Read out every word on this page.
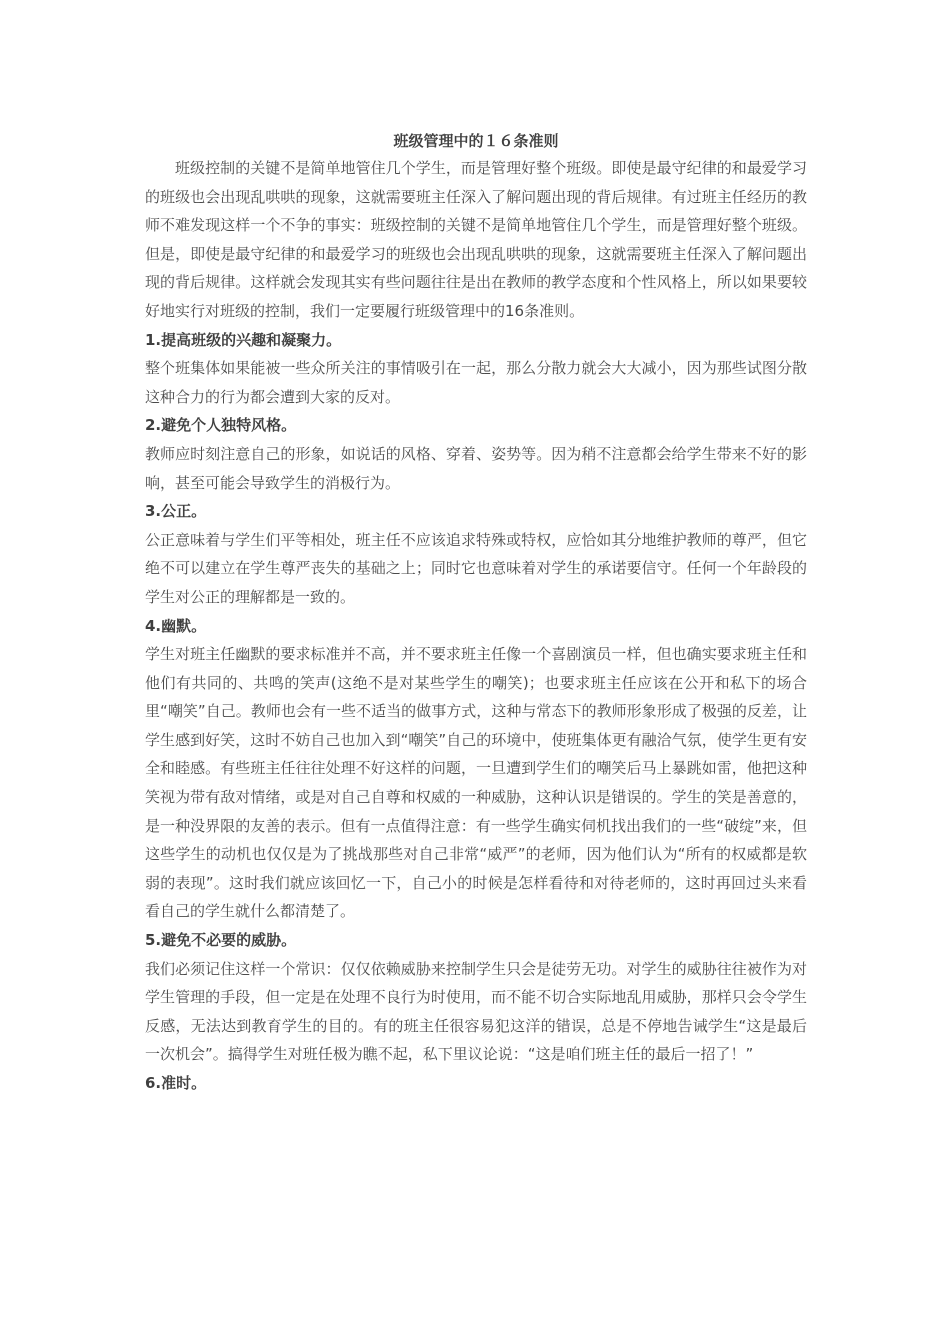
班级管理中的１６条准则

班级控制的关键不是简单地管住几个学生，而是管理好整个班级。即使是最守纪律的和最爱学习的班级也会出现乱哄哄的现象，这就需要班主任深入了解问题出现的背后规律。有过班主任经历的教师不难发现这样一个不争的事实：班级控制的关键不是简单地管住几个学生，而是管理好整个班级。但是，即使是最守纪律的和最爱学习的班级也会出现乱哄哄的现象，这就需要班主任深入了解问题出现的背后规律。这样就会发现其实有些问题往往是出在教师的教学态度和个性风格上，所以如果要较好地实行对班级的控制，我们一定要履行班级管理中的16条准则。

1.提高班级的兴趣和凝聚力。

整个班集体如果能被一些众所关注的事情吸引在一起，那么分散力就会大大减小，因为那些试图分散这种合力的行为都会遭到大家的反对。

2.避免个人独特风格。

教师应时刻注意自己的形象，如说话的风格、穿着、姿势等。因为稍不注意都会给学生带来不好的影响，甚至可能会导致学生的消极行为。

3.公正。

公正意味着与学生们平等相处，班主任不应该追求特殊或特权，应恰如其分地维护教师的尊严，但它绝不可以建立在学生尊严丧失的基础之上；同时它也意味着对学生的承诺要信守。任何一个年龄段的学生对公正的理解都是一致的。

4.幽默。

学生对班主任幽默的要求标准并不高，并不要求班主任像一个喜剧演员一样，但也确实要求班主任和他们有共同的、共鸣的笑声(这绝不是对某些学生的嘲笑)；也要求班主任应该在公开和私下的场合里“嘲笑”自己。教师也会有一些不适当的做事方式，这种与常态下的教师形象形成了极强的反差，让学生感到好笑，这时不妨自己也加入到“嘲笑”自己的环境中，使班集体更有融洽气氛，使学生更有安全和睦感。有些班主任往往处理不好这样的问题，一旦遭到学生们的嘲笑后马上暴跳如雷，他把这种笑视为带有敌对情绪，或是对自己自尊和权威的一种威胁，这种认识是错误的。学生的笑是善意的，是一种没界限的友善的表示。但有一点值得注意：有一些学生确实伺机找出我们的一些“破绽”来，但这些学生的动机也仅仅是为了挑战那些对自己非常“威严”的老师，因为他们认为“所有的权威都是软弱的表现”。这时我们就应该回忆一下，自己小的时候是怎样看待和对待老师的，这时再回过头来看看自己的学生就什么都清楚了。

5.避免不必要的威胁。

我们必须记住这样一个常识：仅仅依赖威胁来控制学生只会是徒劳无功。对学生的威胁往往被作为对学生管理的手段，但一定是在处理不良行为时使用，而不能不切合实际地乱用威胁，那样只会令学生反感，无法达到教育学生的目的。有的班主任很容易犯这洋的错误，总是不停地告诫学生“这是最后一次机会”。搞得学生对班任极为瞧不起，私下里议论说：“这是咱们班主任的最后一招了！”

6.准时。
